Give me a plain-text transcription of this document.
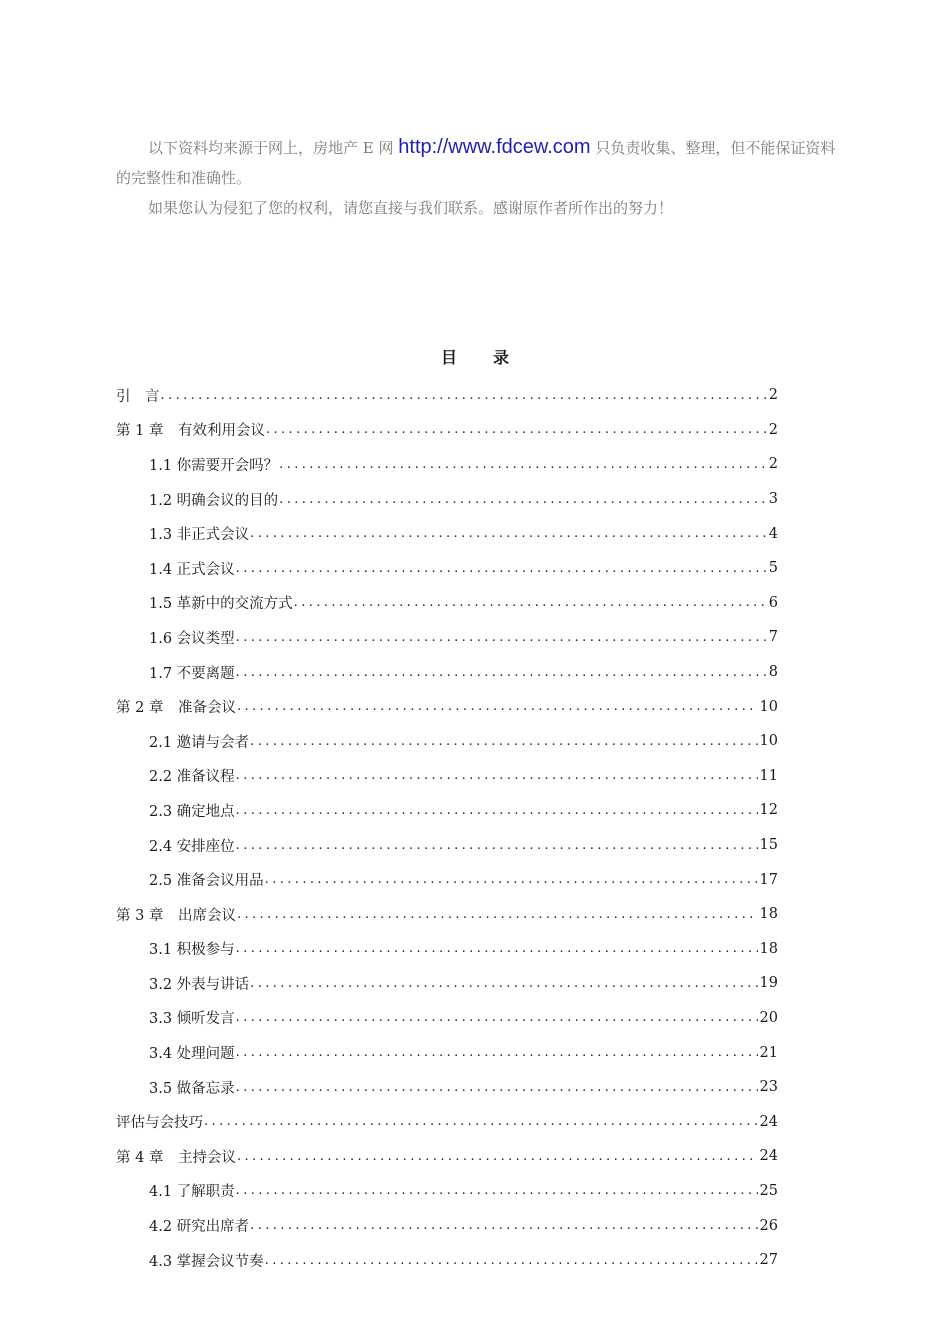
以下资料均来源于网上，房地产 E 网 http://www.fdcew.com 只负责收集、整理，但不能保证资料的完整性和准确性。

如果您认为侵犯了您的权利，请您直接与我们联系。感谢原作者所作出的努力！

目 录
引　言 .....	2
第 1 章　有效利用会议 .....	2
1.1 你需要开会吗？ .....	2
1.2 明确会议的目的 .....	3
1.3 非正式会议 .....	4
1.4 正式会议 .....	5
1.5 革新中的交流方式 .....	6
1.6 会议类型 .....	7
1.7 不要离题 .....	8
第 2 章　准备会议 .....	10
2.1 邀请与会者 .....	10
2.2 准备议程 .....	11
2.3 确定地点 .....	12
2.4 安排座位 .....	15
2.5 准备会议用品 .....	17
第 3 章　出席会议 .....	18
3.1 积极参与 .....	18
3.2 外表与讲话 .....	19
3.3 倾听发言 .....	20
3.4 处理问题 .....	21
3.5 做备忘录 .....	23
评估与会技巧 .....	24
第 4 章　主持会议 .....	24
4.1 了解职责 .....	25
4.2 研究出席者 .....	26
4.3 掌握会议节奏 .....	27
